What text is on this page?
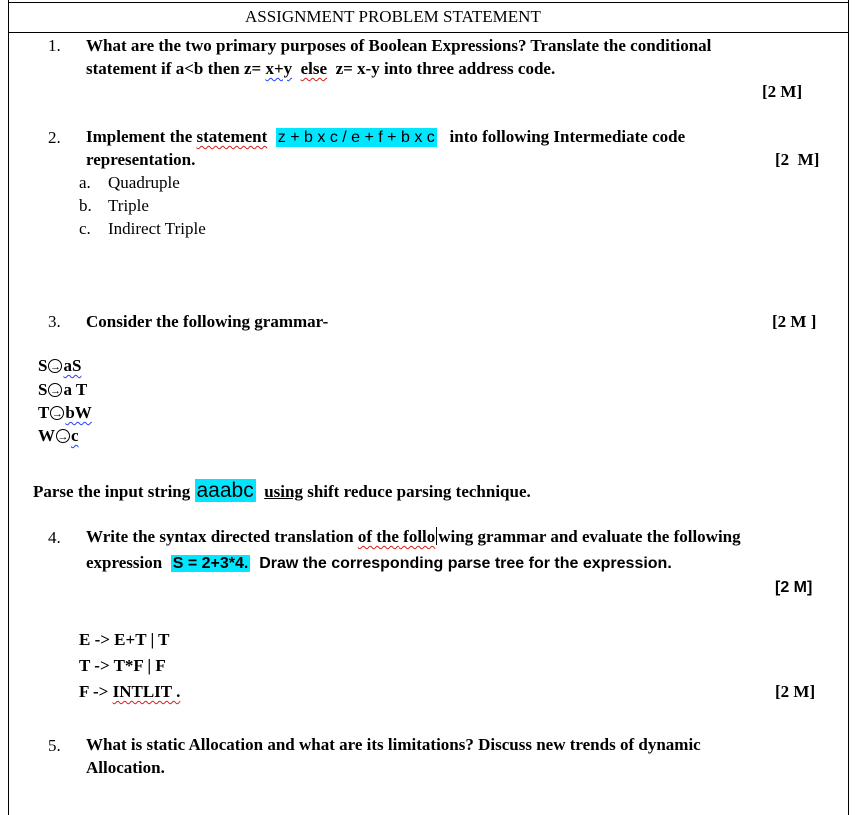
ASSIGNMENT PROBLEM STATEMENT
1. What are the two primary purposes of Boolean Expressions? Translate the conditional
statement if a<b then z= x+y else  z= x-y into three address code.
[2 M]
2. Implement the statement z + b x c / e + f + b x c   into following Intermediate code
representation.	[2  M]
a. Quadruple
b. Triple
c. Indirect Triple
3. Consider the following grammar-	[2 M ]
S → aS
S → a T
T → bW
W → c
Parse the input string aaabc using shift reduce parsing technique.
4. Write the syntax directed translation of the follo wing grammar and evaluate the following
expression  S = 2+3*4.  Draw the corresponding parse tree for the expression.
[2 M]
E -> E+T | T
T -> T*F | F
F -> INTLIT .	[2 M]
5. What is static Allocation and what are its limitations? Discuss new trends of dynamic
Allocation.
